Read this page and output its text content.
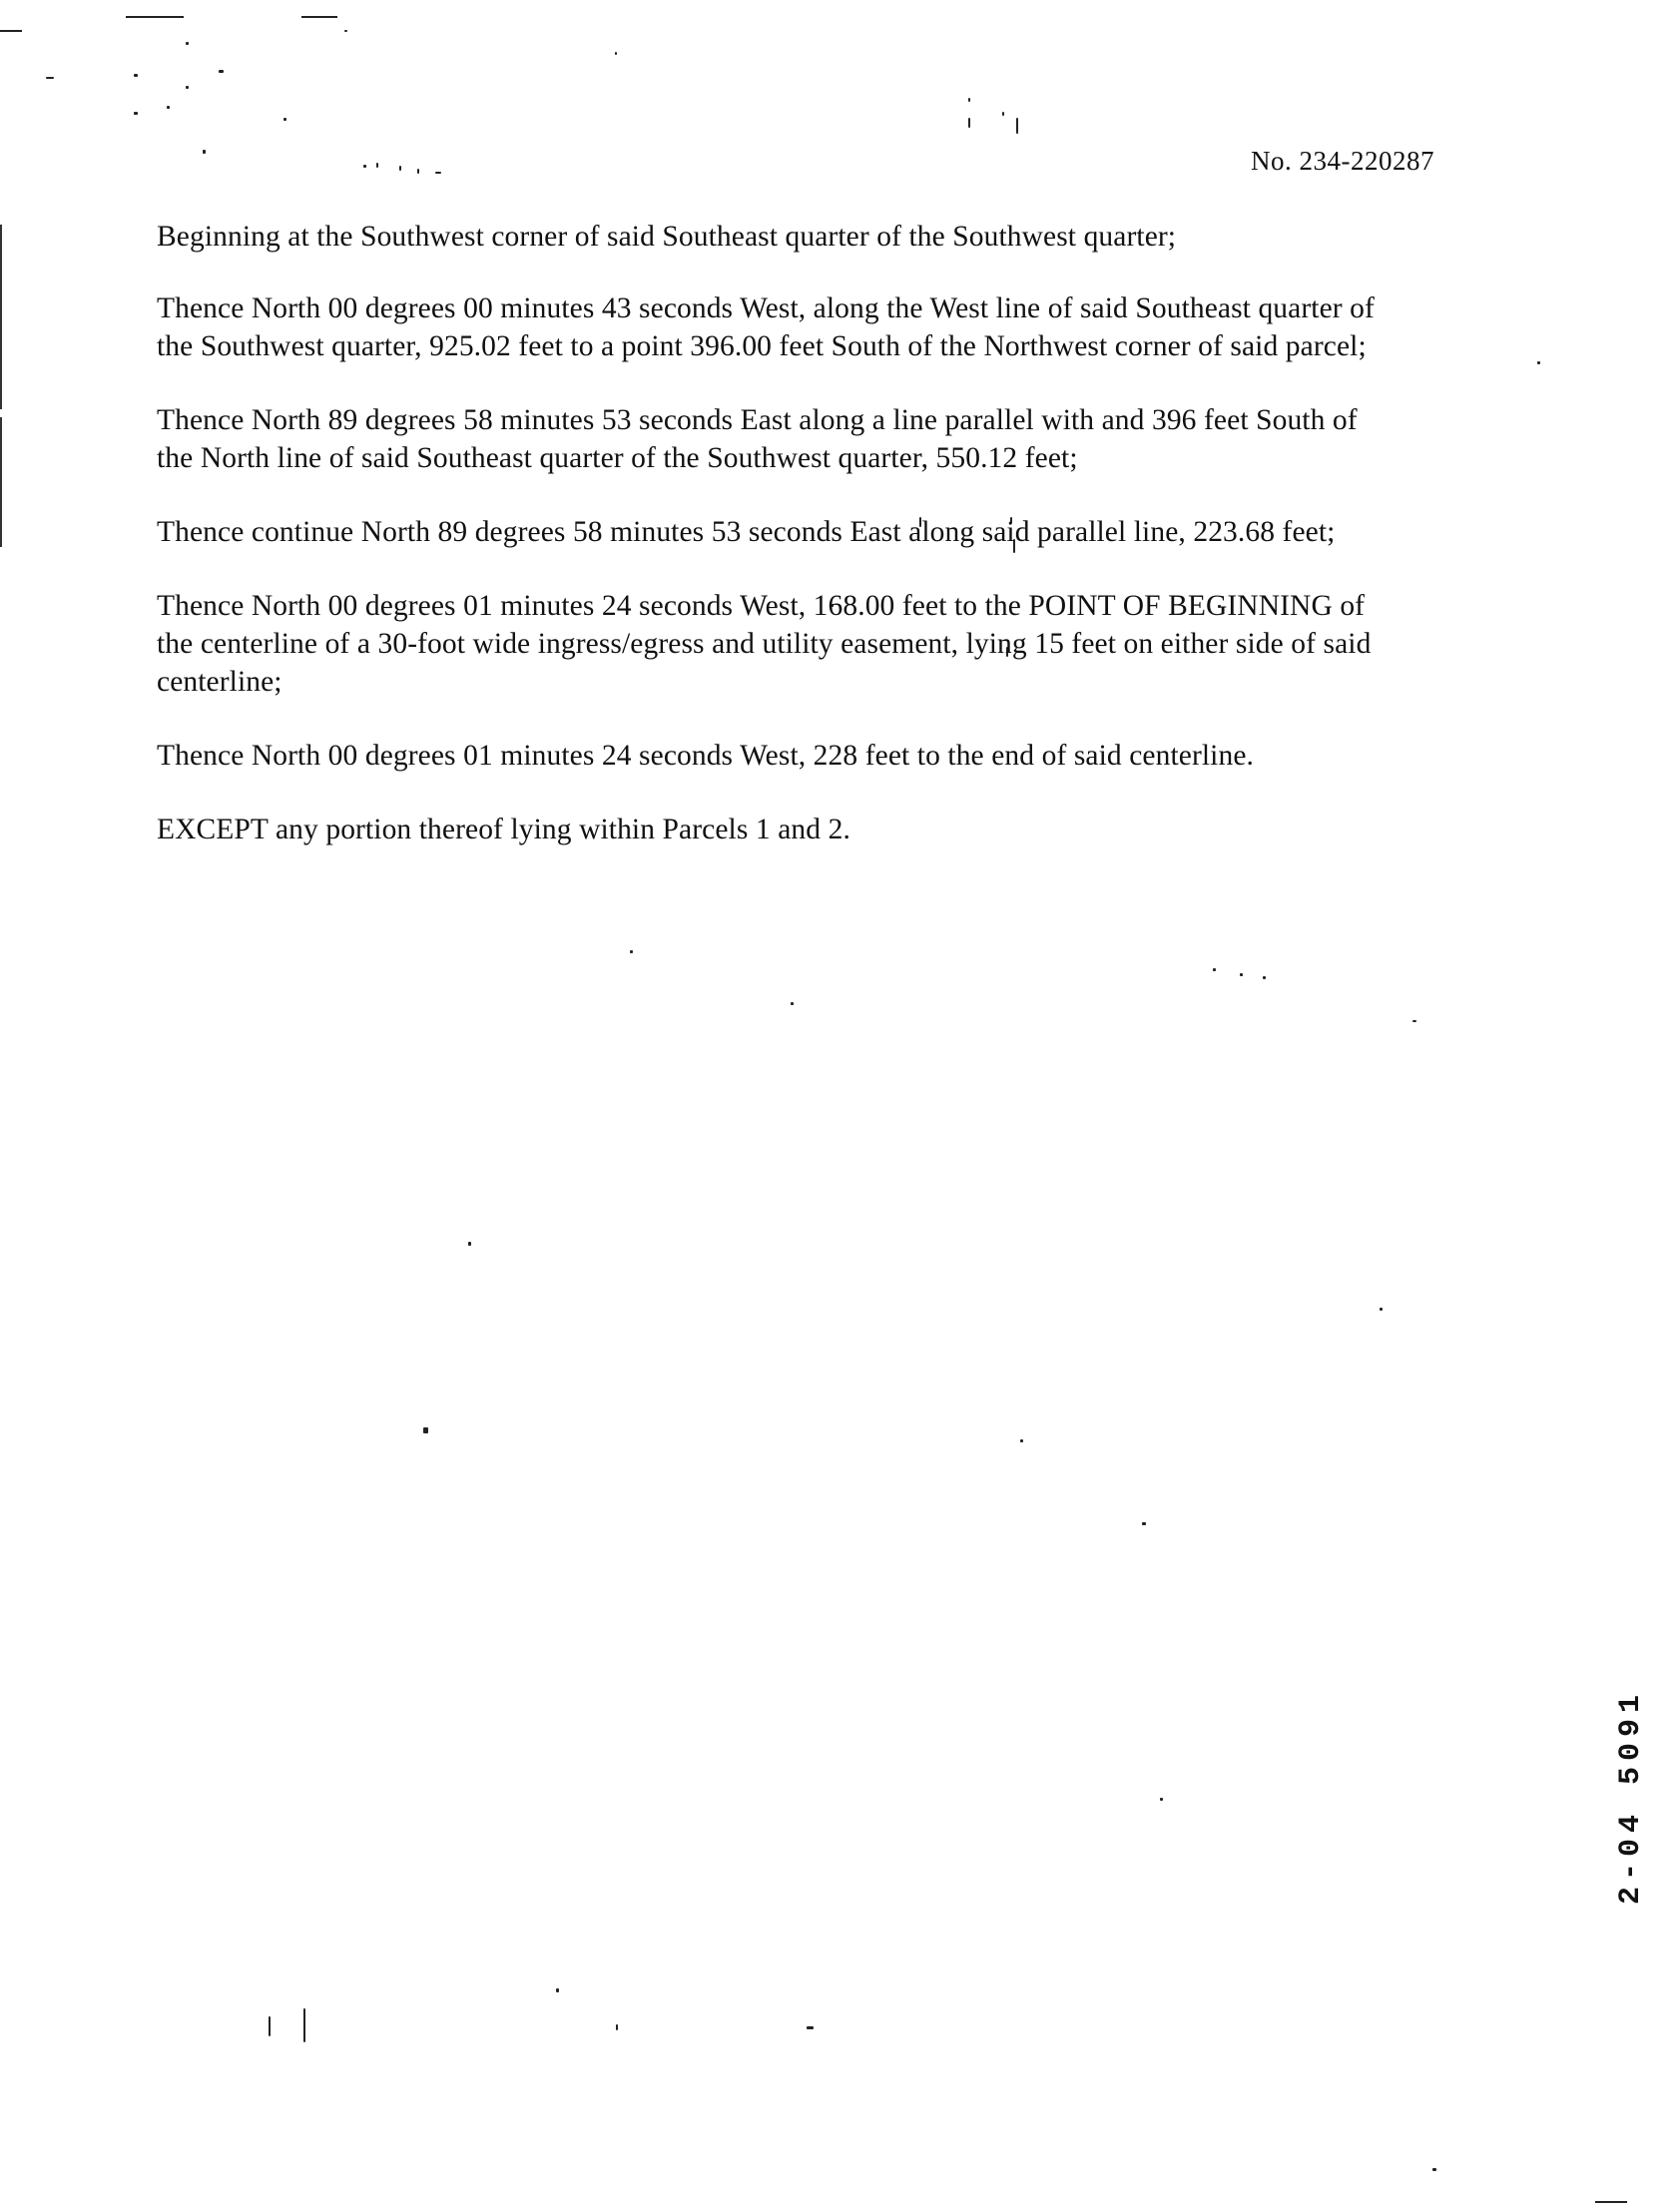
No. 234-220287

Beginning at the Southwest corner of said Southeast quarter of the Southwest quarter;

Thence North 00 degrees 00 minutes 43 seconds West, along the West line of said Southeast quarter of the Southwest quarter, 925.02 feet to a point 396.00 feet South of the Northwest corner of said parcel;

Thence North 89 degrees 58 minutes 53 seconds East along a line parallel with and 396 feet South of the North line of said Southeast quarter of the Southwest quarter, 550.12 feet;

Thence continue North 89 degrees 58 minutes 53 seconds East along said parallel line, 223.68 feet;

Thence North 00 degrees 01 minutes 24 seconds West, 168.00 feet to the POINT OF BEGINNING of the centerline of a 30-foot wide ingress/egress and utility easement, lying 15 feet on either side of said centerline;

Thence North 00 degrees 01 minutes 24 seconds West, 228 feet to the end of said centerline.

EXCEPT any portion thereof lying within Parcels 1 and 2.

2-04 5091
